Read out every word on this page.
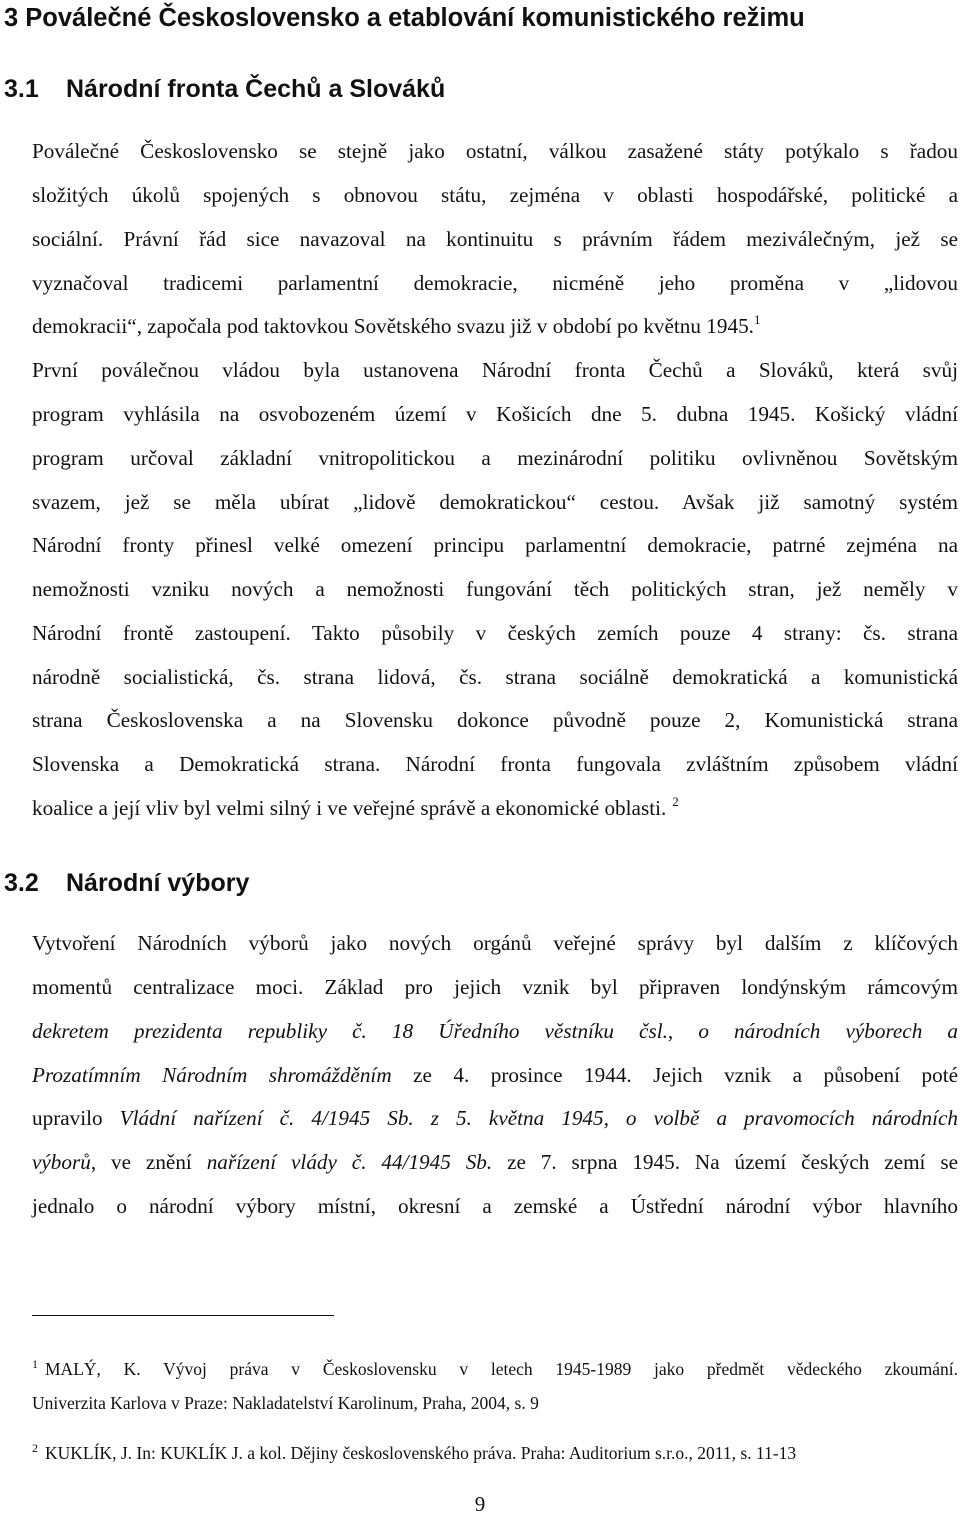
3 Poválečné Československo a etablování komunistického režimu
3.1 Národní fronta Čechů a Slováků
Poválečné Československo se stejně jako ostatní, válkou zasažené státy potýkalo s řadou
složitých úkolů spojených s obnovou státu, zejména v oblasti hospodářské, politické a
sociální. Právní řád sice navazoval na kontinuitu s právním řádem meziválečným, jež se
vyznačoval tradicemi parlamentní demokracie, nicméně jeho proměna v „lidovou
demokracii“, započala pod taktovkou Sovětského svazu již v období po květnu 1945.$^1$
První poválečnou vládou byla ustanovena Národní fronta Čechů a Slováků, která svůj
program vyhlásila na osvobozeném území v Košicích dne 5. dubna 1945. Košický vládní
program určoval základní vnitropolitickou a mezinárodní politiku ovlivněnou Sovětským
svazem, jež se měla ubírat „lidově demokratickou“ cestou. Avšak již samotný systém
Národní fronty přinesl velké omezení principu parlamentní demokracie, patrné zejména na
nemožnosti vzniku nových a nemožnosti fungování těch politických stran, jež neměly v
Národní frontě zastoupení. Takto působily v českých zemích pouze 4 strany: čs. strana
národně socialistická, čs. strana lidová, čs. strana sociálně demokratická a komunistická
strana Československa a na Slovensku dokonce původně pouze 2, Komunistická strana
Slovenska a Demokratická strana. Národní fronta fungovala zvláštním způsobem vládní
koalice a její vliv byl velmi silný i ve veřejné správě a ekonomické oblasti. $^2$
3.2 Národní výbory
Vytvoření Národních výborů jako nových orgánů veřejné správy byl dalším z klíčových
momentů centralizace moci. Základ pro jejich vznik byl připraven londýnským rámcovým
dekretem prezidenta republiky č. 18 Úředního věstníku čsl., o národních výborech a
Prozatímním Národním shromážděním ze 4. prosince 1944. Jejich vznik a působení poté
upravilo Vládní nařízení č. 4/1945 Sb. z 5. května 1945, o volbě a pravomocích národních
výborů, ve znění nařízení vlády č. 44/1945 Sb. ze 7. srpna 1945. Na území českých zemí se
jednalo o národní výbory místní, okresní a zemské a Ústřední národní výbor hlavního
$^1$ MALÝ, K. Vývoj práva v Československu v letech 1945-1989 jako předmět vědeckého zkoumání.
Univerzita Karlova v Praze: Nakladatelství Karolinum, Praha, 2004, s. 9
$^2$ KUKLÍK, J. In: KUKLÍK J. a kol. Dějiny československého práva. Praha: Auditorium s.r.o., 2011, s. 11-13
9
